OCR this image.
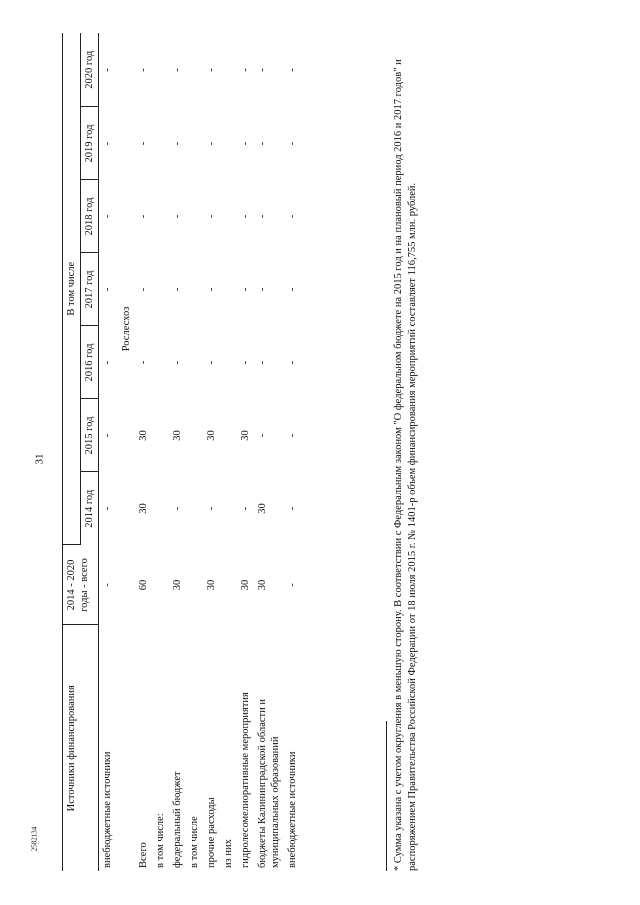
31
2582134
Источники финансирования	2014 - 2020 годы - всего	В том числе						
		2014 год	2015 год	2016 год	2017 год	2018 год	2019 год	2020 год
внебюджетные источники	-	-	-	-	-	-	-	-
	Рослесхоз							
Всего	60	30	30	-	-	-	-	-
в том числе:								
федеральный бюджет	30	-	30	-	-	-	-	-
в том числе								
прочие расходы	30	-	30	-	-	-	-	-
из них								
гидролесомелиоративные мероприятия	30	-	30	-	-	-	-	-
бюджеты Калининградской области и муниципальных образований	30	30	-	-	-	-	-	-
внебюджетные источники	-	-	-	-	-	-	-	-	* Сумма указана с учетом округления в меньшую сторону. В соответствии с Федеральным законом "О федеральном бюджете на 2015 год и на плановый период 2016 и 2017 годов" и распоряжением Правительства Российской Федерации от 18 июля 2015 г. № 1401-р объем финансирования мероприятий составляет 116,755 млн. рублей.
